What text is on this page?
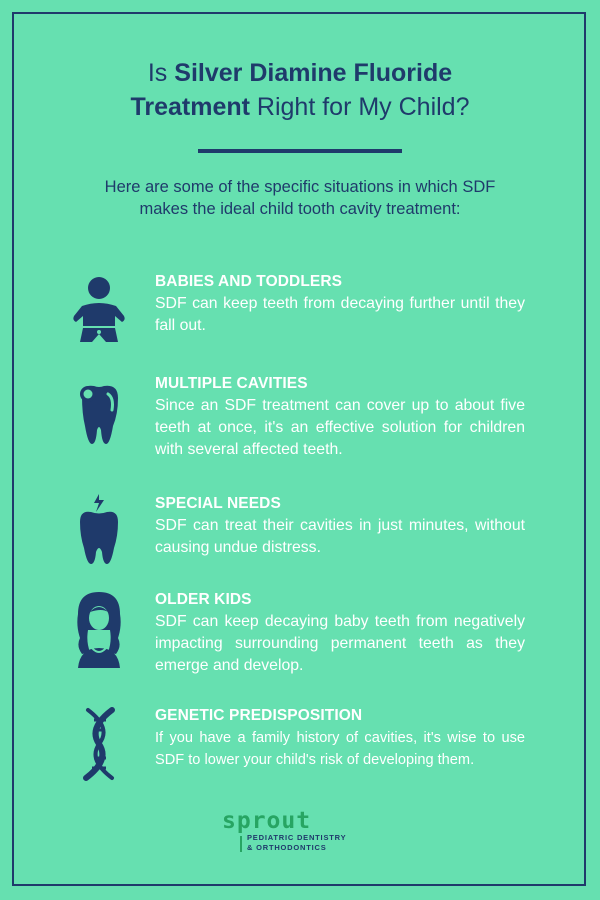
Is Silver Diamine Fluoride
Treatment Right for My Child?
Here are some of the specific situations in which SDF makes the ideal child tooth cavity treatment:
BABIES AND TODDLERS
SDF can keep teeth from decaying further until they fall out.
MULTIPLE CAVITIES
Since an SDF treatment can cover up to about five teeth at once, it's an effective solution for children with several affected teeth.
SPECIAL NEEDS
SDF can treat their cavities in just minutes, without causing undue distress.
OLDER KIDS
SDF can keep decaying baby teeth from negatively impacting surrounding permanent teeth as they emerge and develop.
GENETIC PREDISPOSITION
If you have a family history of cavities, it's wise to use SDF to lower your child's risk of developing them.
sprout
PEDIATRIC DENTISTRY
& ORTHODONTICS
